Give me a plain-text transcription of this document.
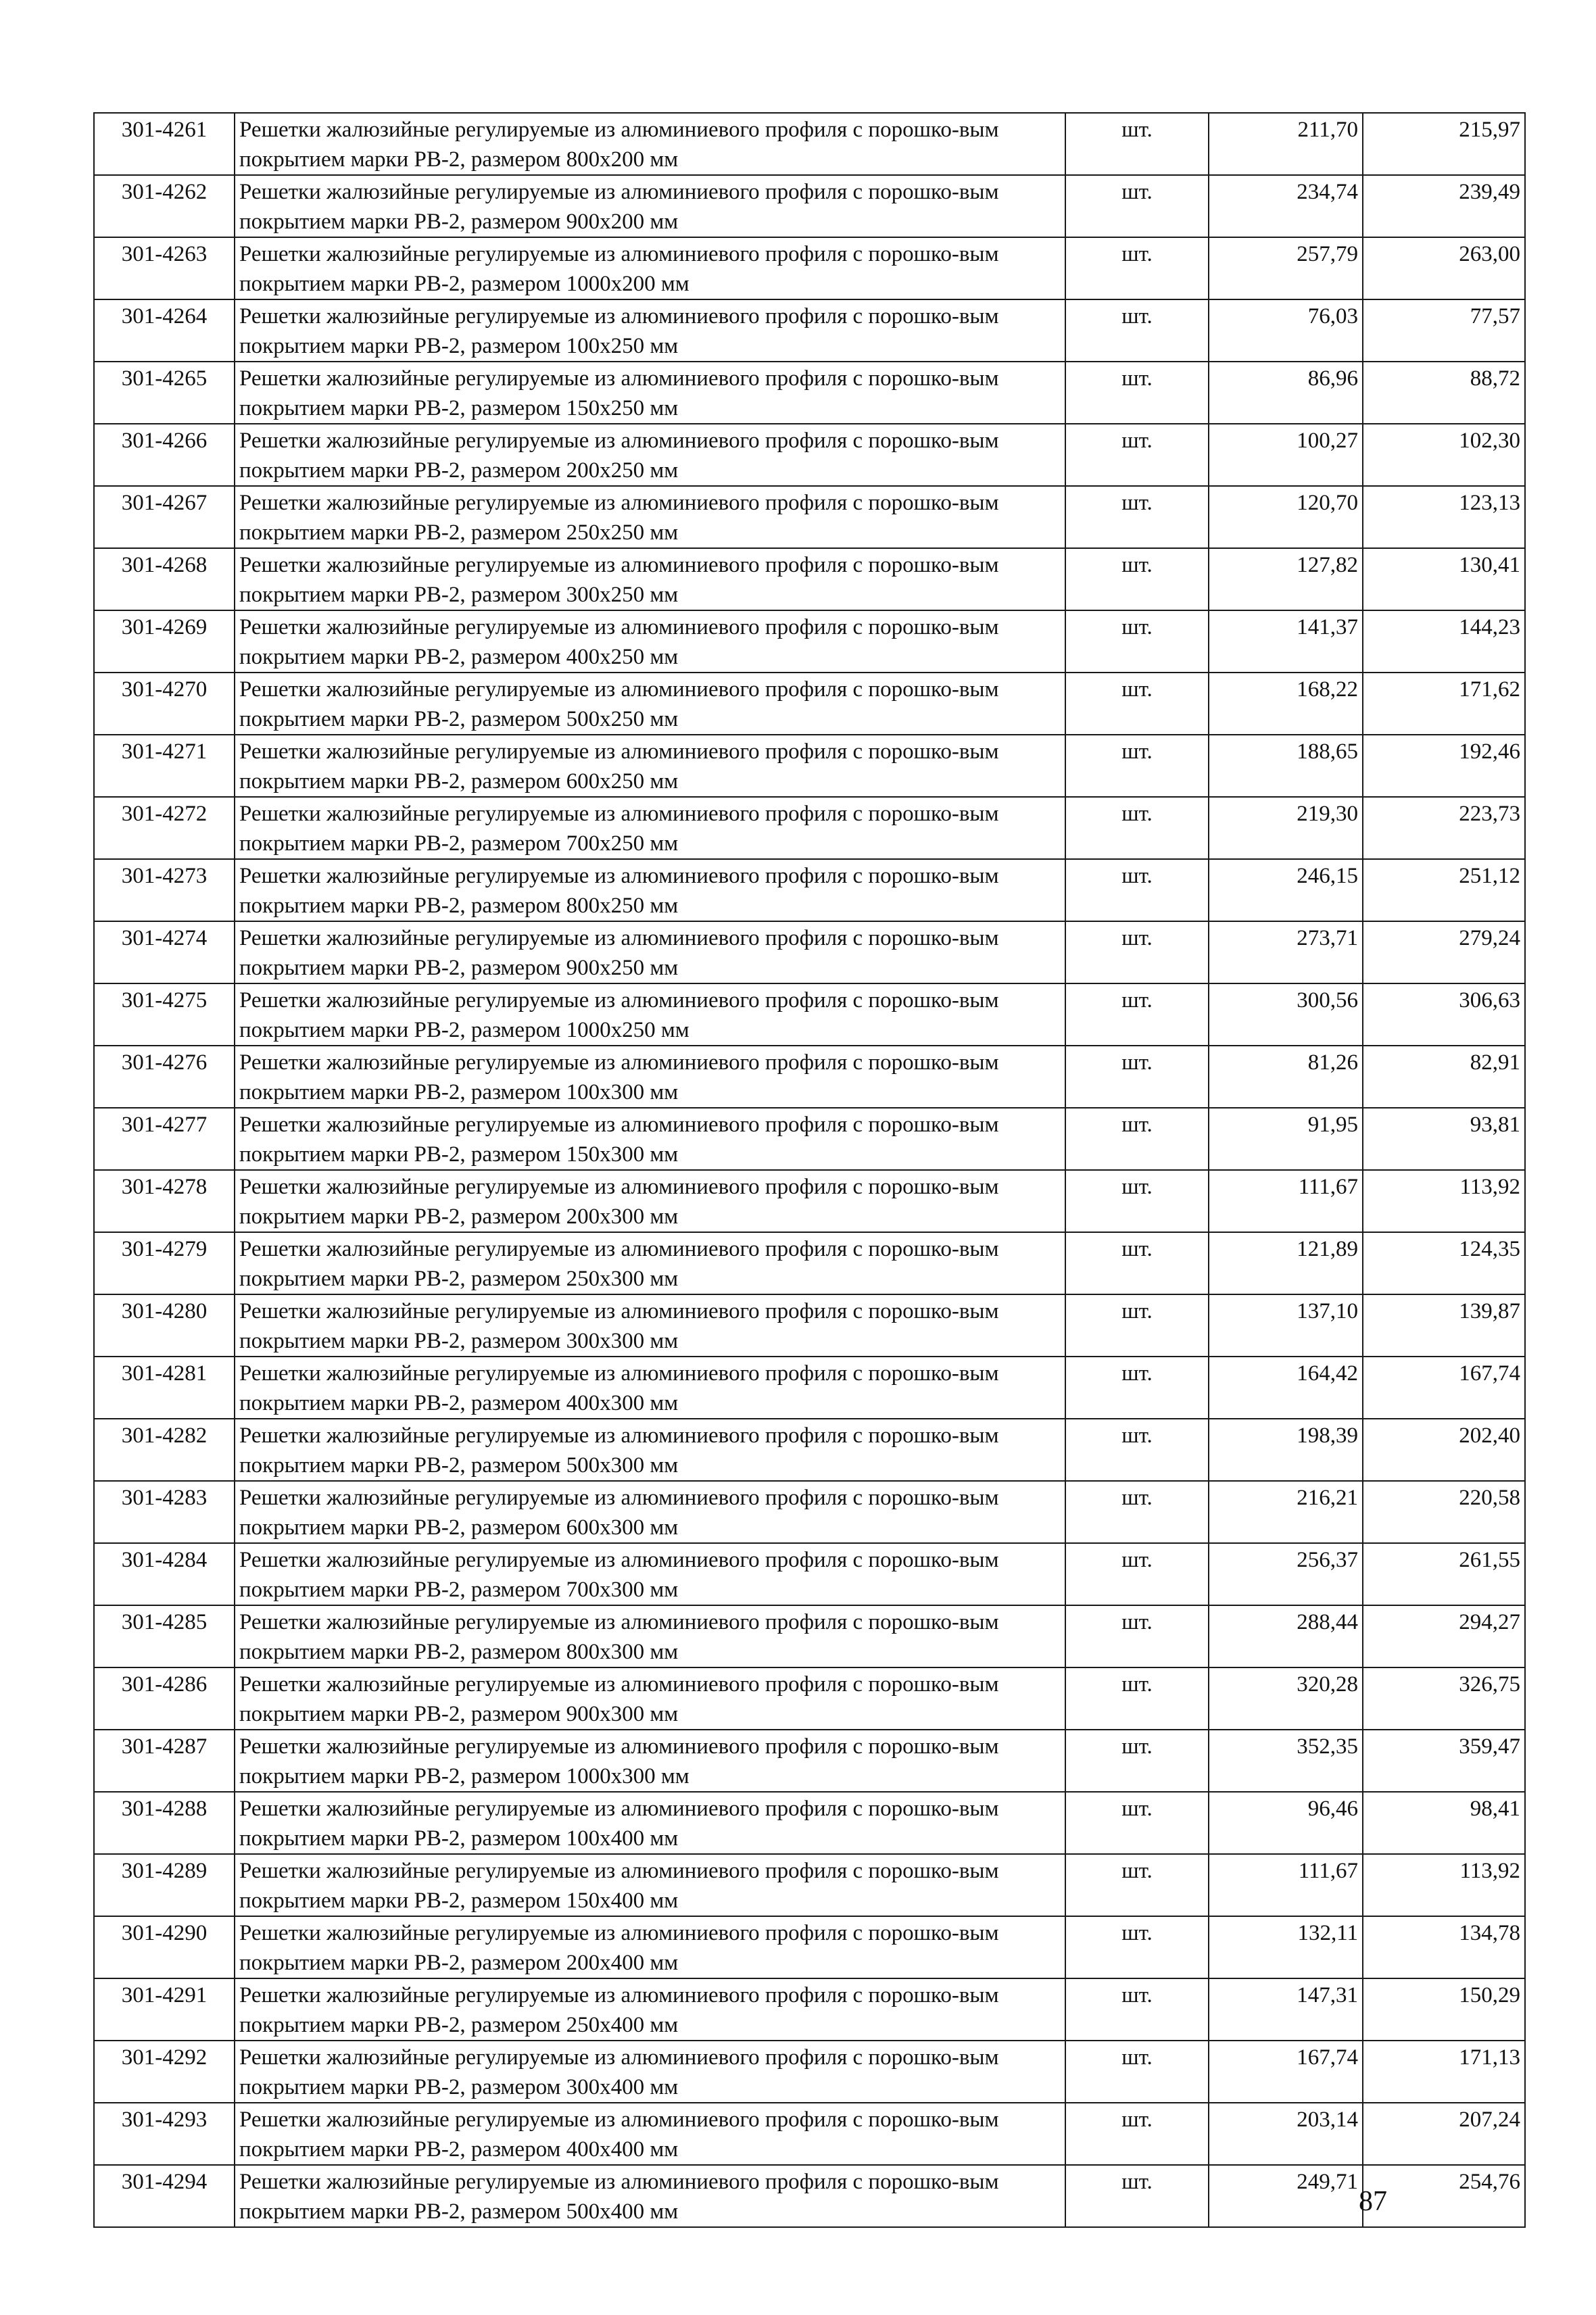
301-4261	Решетки жалюзийные регулируемые из алюминиевого профиля с порошко-вым покрытием марки РВ-2, размером 800х200 мм	шт.	211,70	215,97
301-4262	Решетки жалюзийные регулируемые из алюминиевого профиля с порошко-вым покрытием марки РВ-2, размером 900х200 мм	шт.	234,74	239,49
301-4263	Решетки жалюзийные регулируемые из алюминиевого профиля с порошко-вым покрытием марки РВ-2, размером 1000х200 мм	шт.	257,79	263,00
301-4264	Решетки жалюзийные регулируемые из алюминиевого профиля с порошко-вым покрытием марки РВ-2, размером 100х250 мм	шт.	76,03	77,57
301-4265	Решетки жалюзийные регулируемые из алюминиевого профиля с порошко-вым покрытием марки РВ-2, размером 150х250 мм	шт.	86,96	88,72
301-4266	Решетки жалюзийные регулируемые из алюминиевого профиля с порошко-вым покрытием марки РВ-2, размером 200х250 мм	шт.	100,27	102,30
301-4267	Решетки жалюзийные регулируемые из алюминиевого профиля с порошко-вым покрытием марки РВ-2, размером 250х250 мм	шт.	120,70	123,13
301-4268	Решетки жалюзийные регулируемые из алюминиевого профиля с порошко-вым покрытием марки РВ-2, размером 300х250 мм	шт.	127,82	130,41
301-4269	Решетки жалюзийные регулируемые из алюминиевого профиля с порошко-вым покрытием марки РВ-2, размером 400х250 мм	шт.	141,37	144,23
301-4270	Решетки жалюзийные регулируемые из алюминиевого профиля с порошко-вым покрытием марки РВ-2, размером 500х250 мм	шт.	168,22	171,62
301-4271	Решетки жалюзийные регулируемые из алюминиевого профиля с порошко-вым покрытием марки РВ-2, размером 600х250 мм	шт.	188,65	192,46
301-4272	Решетки жалюзийные регулируемые из алюминиевого профиля с порошко-вым покрытием марки РВ-2, размером 700х250 мм	шт.	219,30	223,73
301-4273	Решетки жалюзийные регулируемые из алюминиевого профиля с порошко-вым покрытием марки РВ-2, размером 800х250 мм	шт.	246,15	251,12
301-4274	Решетки жалюзийные регулируемые из алюминиевого профиля с порошко-вым покрытием марки РВ-2, размером 900х250 мм	шт.	273,71	279,24
301-4275	Решетки жалюзийные регулируемые из алюминиевого профиля с порошко-вым покрытием марки РВ-2, размером 1000х250 мм	шт.	300,56	306,63
301-4276	Решетки жалюзийные регулируемые из алюминиевого профиля с порошко-вым покрытием марки РВ-2, размером 100х300 мм	шт.	81,26	82,91
301-4277	Решетки жалюзийные регулируемые из алюминиевого профиля с порошко-вым покрытием марки РВ-2, размером 150х300 мм	шт.	91,95	93,81
301-4278	Решетки жалюзийные регулируемые из алюминиевого профиля с порошко-вым покрытием марки РВ-2, размером 200х300 мм	шт.	111,67	113,92
301-4279	Решетки жалюзийные регулируемые из алюминиевого профиля с порошко-вым покрытием марки РВ-2, размером 250х300 мм	шт.	121,89	124,35
301-4280	Решетки жалюзийные регулируемые из алюминиевого профиля с порошко-вым покрытием марки РВ-2, размером 300х300 мм	шт.	137,10	139,87
301-4281	Решетки жалюзийные регулируемые из алюминиевого профиля с порошко-вым покрытием марки РВ-2, размером 400х300 мм	шт.	164,42	167,74
301-4282	Решетки жалюзийные регулируемые из алюминиевого профиля с порошко-вым покрытием марки РВ-2, размером 500х300 мм	шт.	198,39	202,40
301-4283	Решетки жалюзийные регулируемые из алюминиевого профиля с порошко-вым покрытием марки РВ-2, размером 600х300 мм	шт.	216,21	220,58
301-4284	Решетки жалюзийные регулируемые из алюминиевого профиля с порошко-вым покрытием марки РВ-2, размером 700х300 мм	шт.	256,37	261,55
301-4285	Решетки жалюзийные регулируемые из алюминиевого профиля с порошко-вым покрытием марки РВ-2, размером 800х300 мм	шт.	288,44	294,27
301-4286	Решетки жалюзийные регулируемые из алюминиевого профиля с порошко-вым покрытием марки РВ-2, размером 900х300 мм	шт.	320,28	326,75
301-4287	Решетки жалюзийные регулируемые из алюминиевого профиля с порошко-вым покрытием марки РВ-2, размером 1000х300 мм	шт.	352,35	359,47
301-4288	Решетки жалюзийные регулируемые из алюминиевого профиля с порошко-вым покрытием марки РВ-2, размером 100х400 мм	шт.	96,46	98,41
301-4289	Решетки жалюзийные регулируемые из алюминиевого профиля с порошко-вым покрытием марки РВ-2, размером 150х400 мм	шт.	111,67	113,92
301-4290	Решетки жалюзийные регулируемые из алюминиевого профиля с порошко-вым покрытием марки РВ-2, размером 200х400 мм	шт.	132,11	134,78
301-4291	Решетки жалюзийные регулируемые из алюминиевого профиля с порошко-вым покрытием марки РВ-2, размером 250х400 мм	шт.	147,31	150,29
301-4292	Решетки жалюзийные регулируемые из алюминиевого профиля с порошко-вым покрытием марки РВ-2, размером 300х400 мм	шт.	167,74	171,13
301-4293	Решетки жалюзийные регулируемые из алюминиевого профиля с порошко-вым покрытием марки РВ-2, размером 400х400 мм	шт.	203,14	207,24
301-4294	Решетки жалюзийные регулируемые из алюминиевого профиля с порошко-вым покрытием марки РВ-2, размером 500х400 мм	шт.	249,71	254,76
87
